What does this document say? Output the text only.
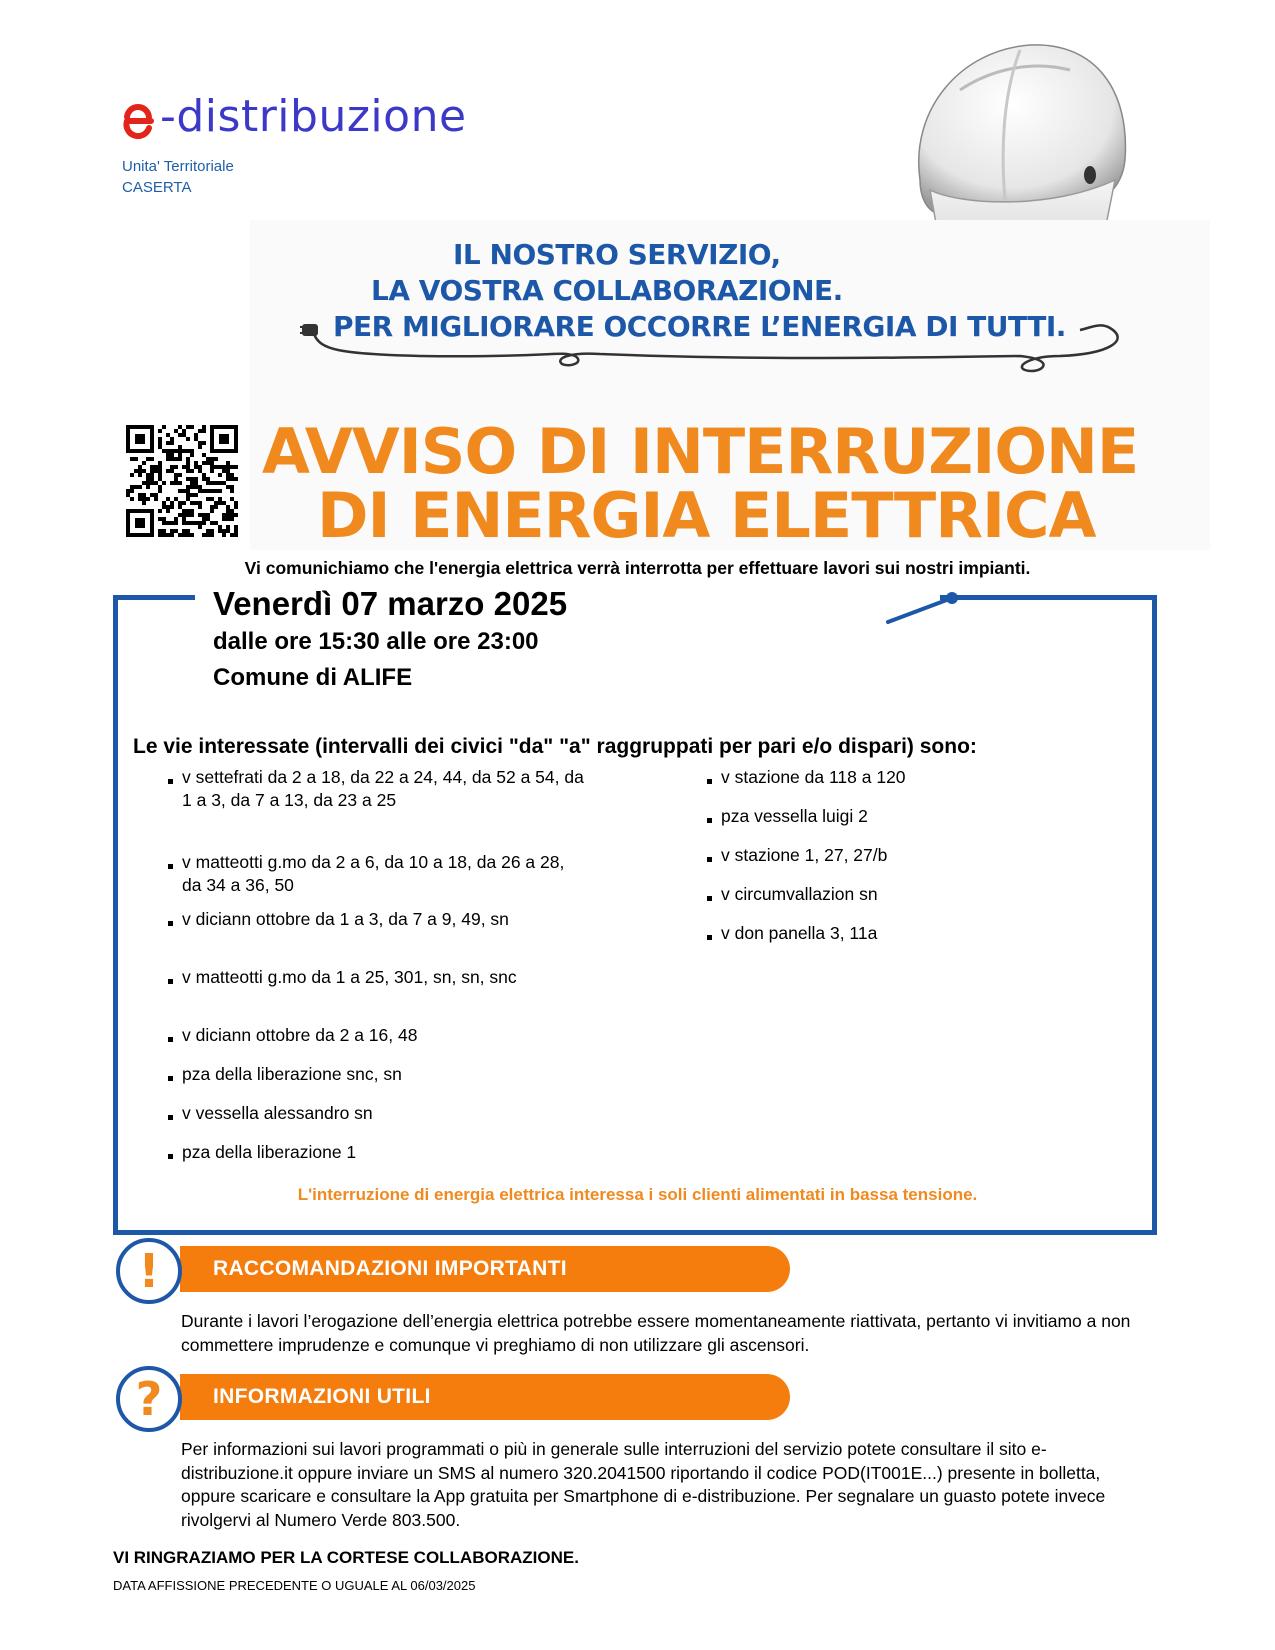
-distribuzione
Unita' Territoriale
CASERTA
IL NOSTRO SERVIZIO,
LA VOSTRA COLLABORAZIONE.
PER MIGLIORARE OCCORRE L’ENERGIA DI TUTTI.
AVVISO DI INTERRUZIONE
DI ENERGIA ELETTRICA
Vi comunichiamo che l'energia elettrica verrà interrotta per effettuare lavori sui nostri impianti.
Venerdì 07 marzo 2025
dalle ore 15:30 alle ore 23:00
Comune di ALIFE
Le vie interessate (intervalli dei civici "da" "a" raggruppati per pari e/o dispari) sono:
v settefrati da 2 a 18, da 22 a 24, 44, da 52 a 54, da 1 a 3, da 7 a 13, da 23 a 25
v matteotti g.mo da 2 a 6, da 10 a 18, da 26 a 28, da 34 a 36, 50
v diciann ottobre da 1 a 3, da 7 a 9, 49, sn
v matteotti g.mo da 1 a 25, 301, sn, sn, snc
v diciann ottobre da 2 a 16, 48
pza della liberazione snc, sn
v vessella alessandro sn
pza della liberazione 1
v stazione da 118 a 120
pza vessella luigi 2
v stazione 1, 27, 27/b
v circumvallazion sn
v don panella 3, 11a
L'interruzione di energia elettrica interessa i soli clienti alimentati in bassa tensione.
!	RACCOMANDAZIONI IMPORTANTI
Durante i lavori l’erogazione dell’energia elettrica potrebbe essere momentaneamente riattivata, pertanto vi invitiamo a non commettere imprudenze e comunque vi preghiamo di non utilizzare gli ascensori.
?	INFORMAZIONI UTILI
Per informazioni sui lavori programmati o più in generale sulle interruzioni del servizio potete consultare il sito e-distribuzione.it oppure inviare un SMS al numero 320.2041500 riportando il codice POD(IT001E...) presente in bolletta, oppure scaricare e consultare la App gratuita per Smartphone di e-distribuzione. Per segnalare un guasto potete invece rivolgervi al Numero Verde 803.500.
VI RINGRAZIAMO PER LA CORTESE COLLABORAZIONE.
DATA AFFISSIONE PRECEDENTE O UGUALE AL 06/03/2025
